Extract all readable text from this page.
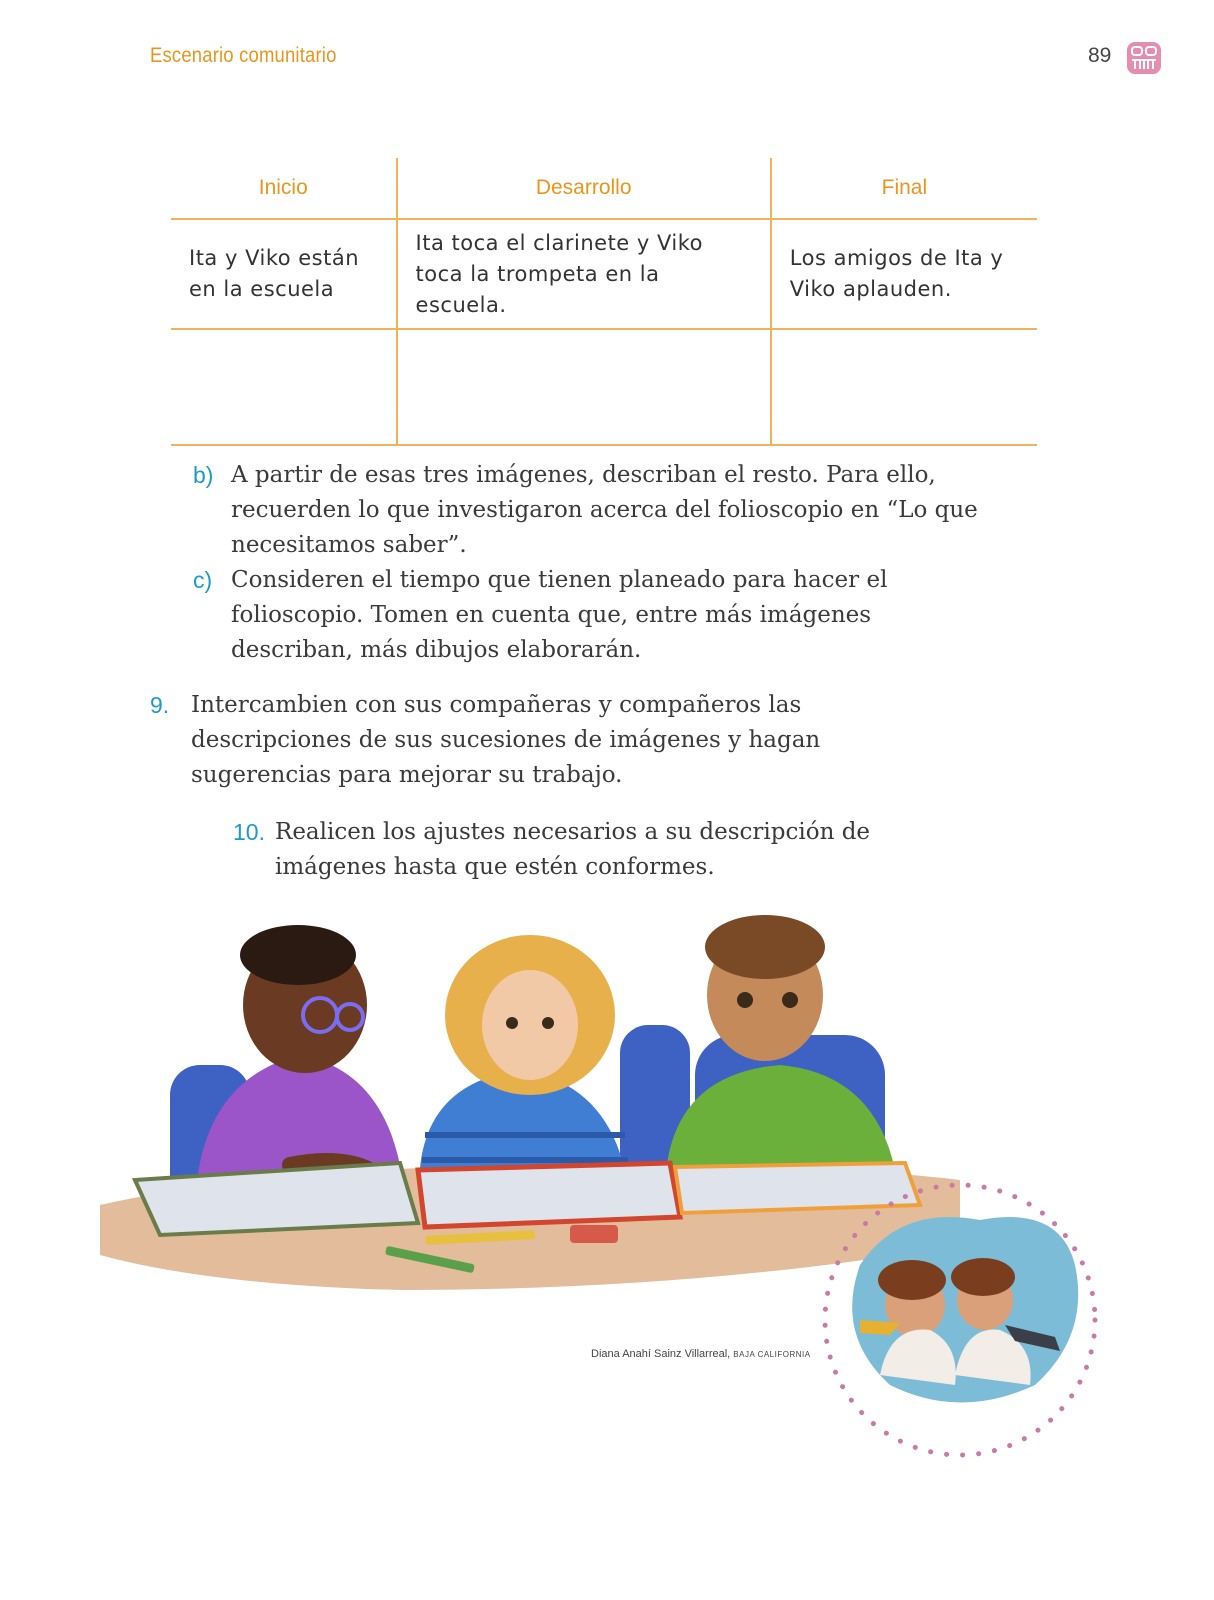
Escenario comunitario	89
Inicio	Desarrollo	Final
Ita y Viko están en la escuela	Ita toca el clarinete y Viko toca la trompeta en la escuela.	Los amigos de Ita y Viko aplauden.

b) A partir de esas tres imágenes, describan el resto. Para ello, recuerden lo que investigaron acerca del folioscopio en “Lo que necesitamos saber”.
c) Consideren el tiempo que tienen planeado para hacer el folioscopio. Tomen en cuenta que, entre más imágenes describan, más dibujos elaborarán.
9. Intercambien con sus compañeras y compañeros las descripciones de sus sucesiones de imágenes y hagan sugerencias para mejorar su trabajo.
10. Realicen los ajustes necesarios a su descripción de imágenes hasta que estén conformes.
Diana Anahí Sainz Villarreal, BAJA CALIFORNIA
